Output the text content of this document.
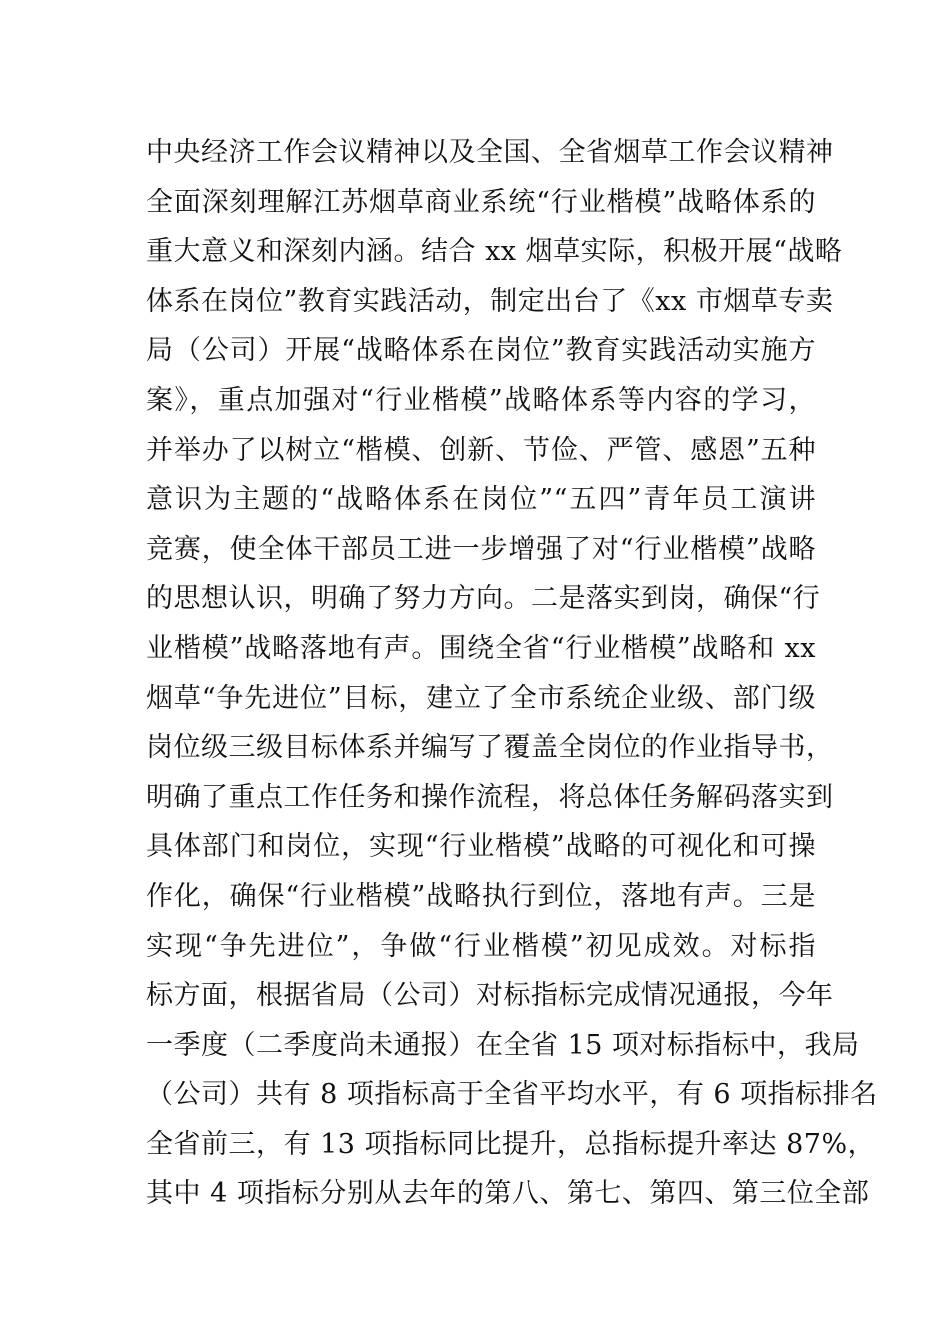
中央经济工作会议精神以及全国、全省烟草工作会议精神
全面深刻理解江苏烟草商业系统“行业楷模”战略体系的
重大意义和深刻内涵。结合 xx 烟草实际，积极开展“战略
体系在岗位”教育实践活动，制定出台了《xx 市烟草专卖
局（公司）开展“战略体系在岗位”教育实践活动实施方
案》，重点加强对“行业楷模”战略体系等内容的学习，
并举办了以树立“楷模、创新、节俭、严管、感恩”五种
意识为主题的“战略体系在岗位”“五四”青年员工演讲
竞赛，使全体干部员工进一步增强了对“行业楷模”战略
的思想认识，明确了努力方向。二是落实到岗，确保“行
业楷模”战略落地有声。围绕全省“行业楷模”战略和 xx
烟草“争先进位”目标，建立了全市系统企业级、部门级
岗位级三级目标体系并编写了覆盖全岗位的作业指导书，
明确了重点工作任务和操作流程，将总体任务解码落实到
具体部门和岗位，实现“行业楷模”战略的可视化和可操
作化，确保“行业楷模”战略执行到位，落地有声。三是
实现“争先进位”，争做“行业楷模”初见成效。对标指
标方面，根据省局（公司）对标指标完成情况通报，今年
一季度（二季度尚未通报）在全省 15 项对标指标中，我局
（公司）共有 8 项指标高于全省平均水平，有 6 项指标排名
全省前三，有 13 项指标同比提升，总指标提升率达 87%，
其中 4 项指标分别从去年的第八、第七、第四、第三位全部
